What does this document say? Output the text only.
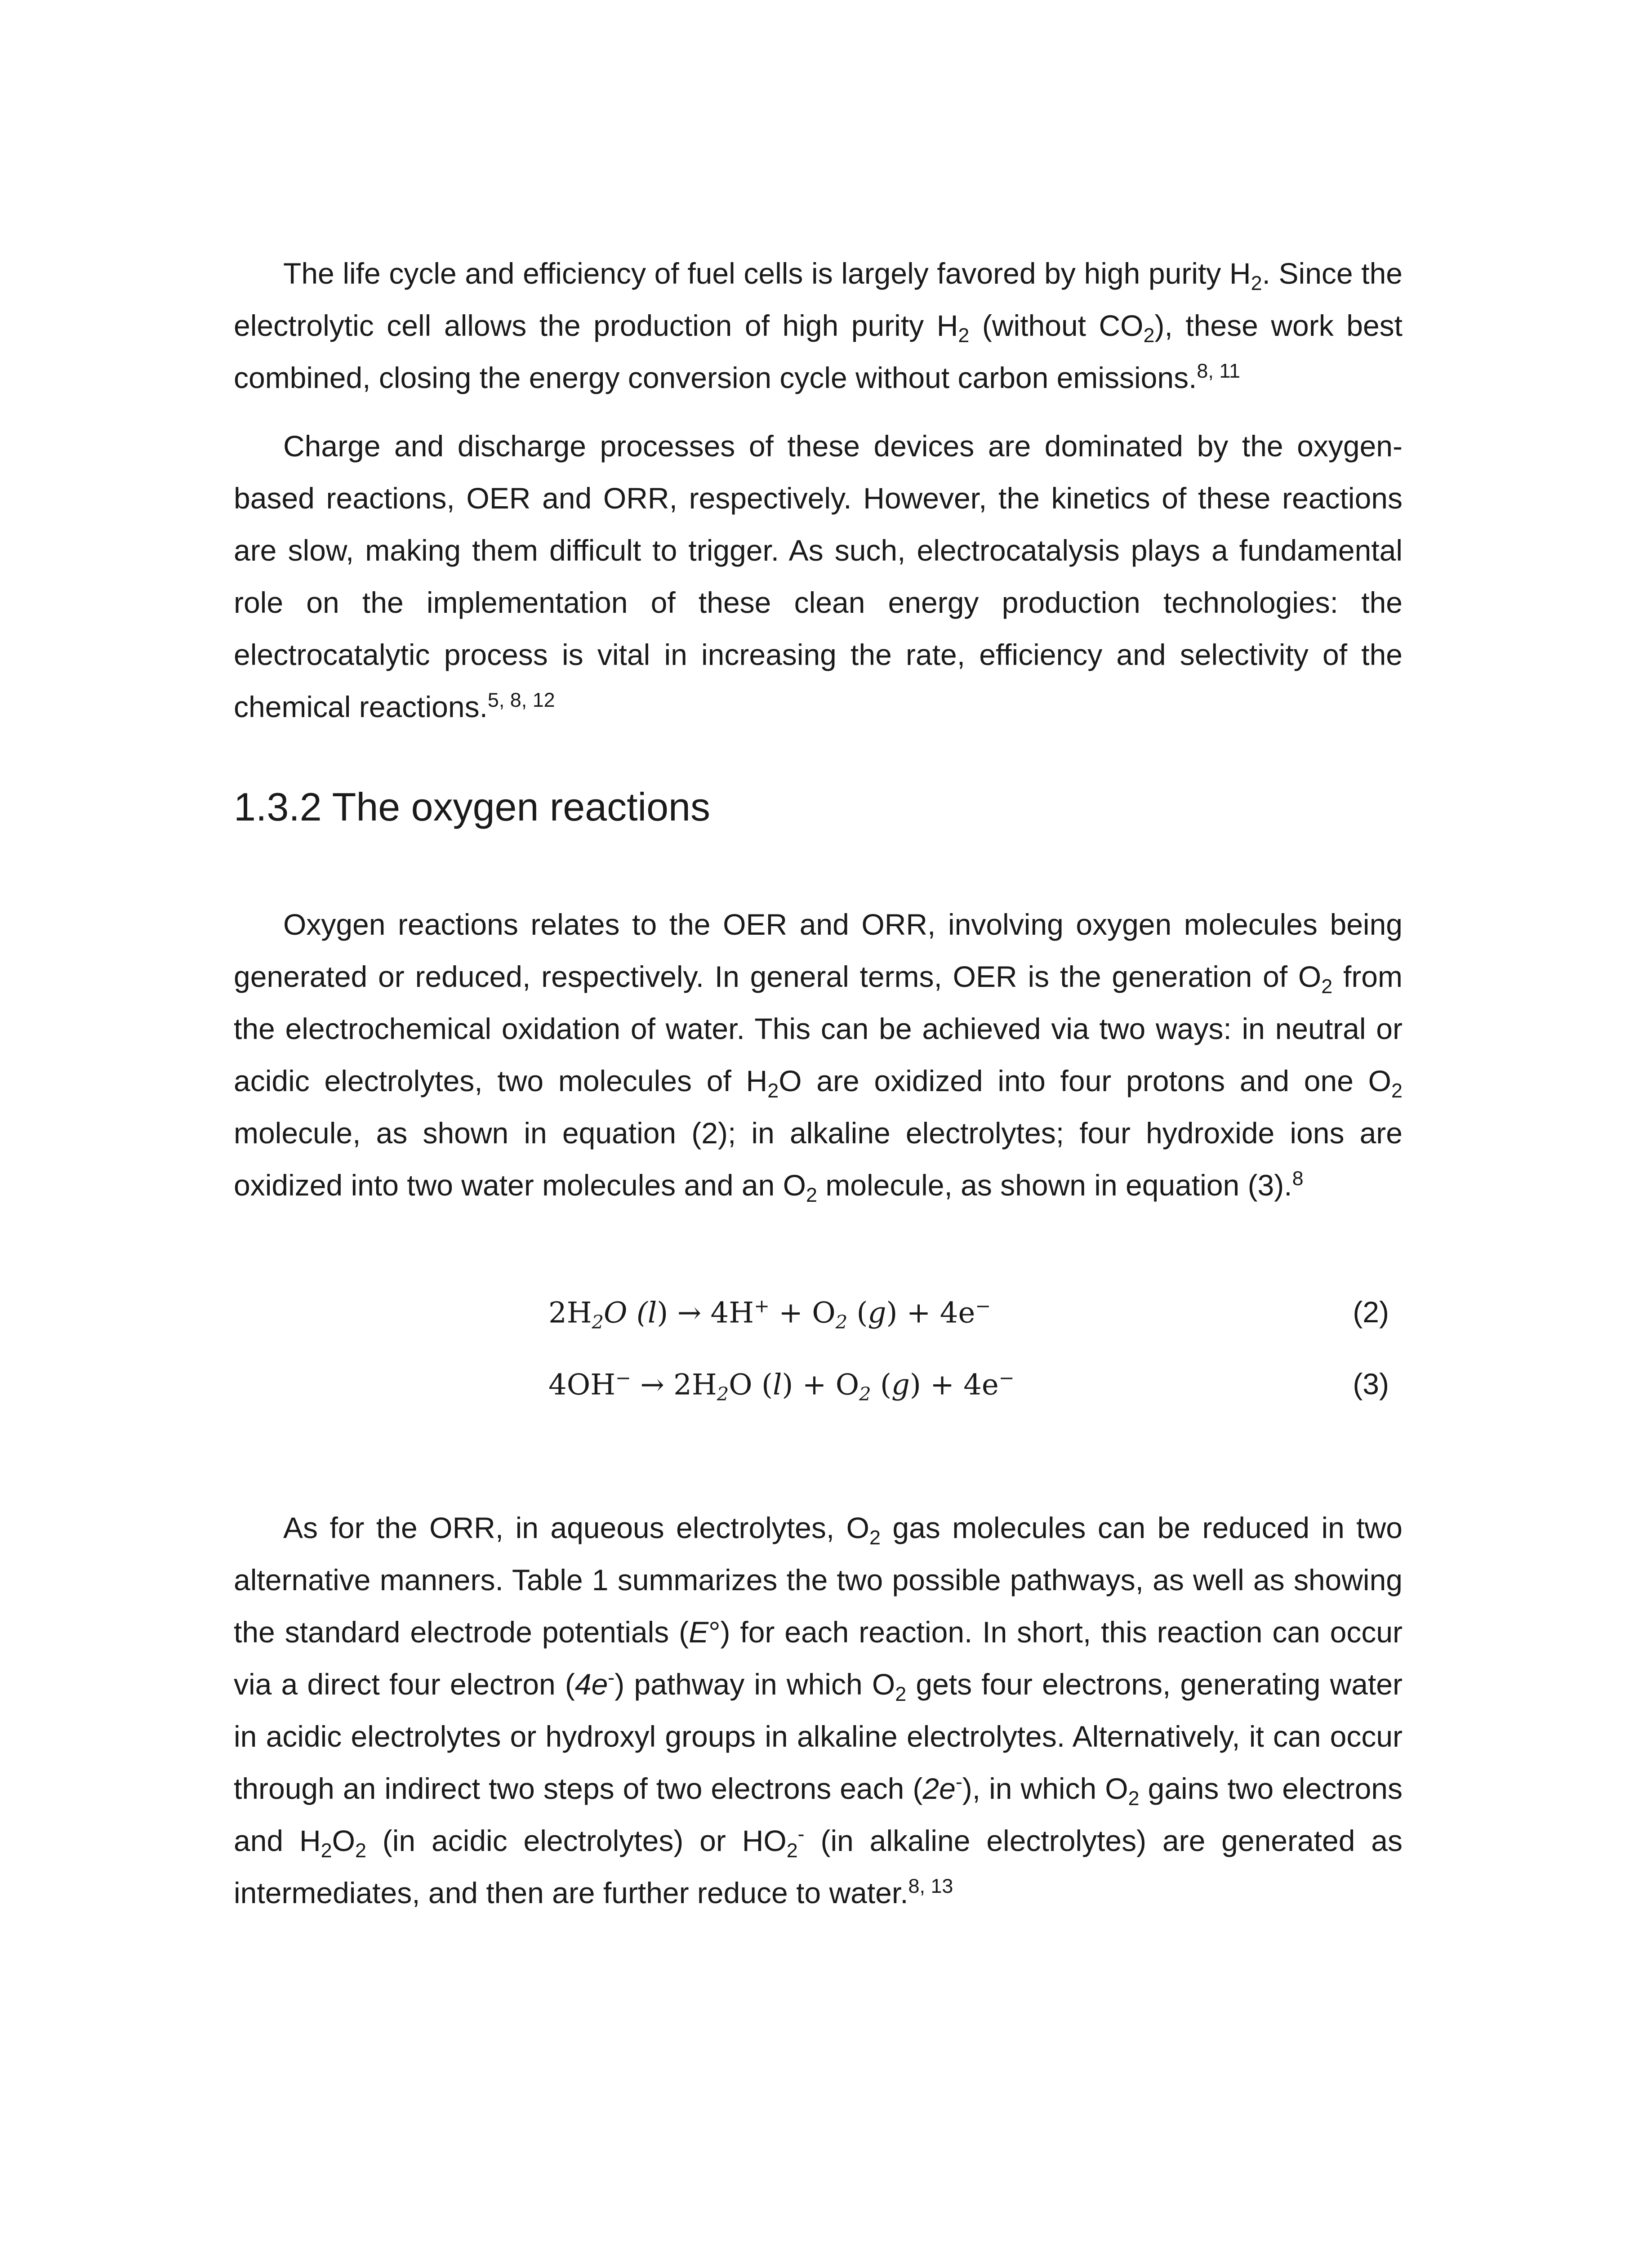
The life cycle and efficiency of fuel cells is largely favored by high purity $H_2$. Since the electrolytic cell allows the production of high purity $H_2$ (without $CO_2$), these work best combined, closing the energy conversion cycle without carbon emissions.$^{8, 11}$

Charge and discharge processes of these devices are dominated by the oxygen-based reactions, OER and ORR, respectively. However, the kinetics of these reactions are slow, making them difficult to trigger. As such, electrocatalysis plays a fundamental role on the implementation of these clean energy production technologies: the electrocatalytic process is vital in increasing the rate, efficiency and selectivity of the chemical reactions.$^{5, 8, 12}$

1.3.2 The oxygen reactions

Oxygen reactions relates to the OER and ORR, involving oxygen molecules being generated or reduced, respectively. In general terms, OER is the generation of $O_2$ from the electrochemical oxidation of water. This can be achieved via two ways: in neutral or acidic electrolytes, two molecules of $H_2O$ are oxidized into four protons and one $O_2$ molecule, as shown in equation (2); in alkaline electrolytes; four hydroxide ions are oxidized into two water molecules and an $O_2$ molecule, as shown in equation (3).$^8$

$2H_2O$ $(l) \to 4H^+ + O_2$ (g) + 4e−	(2)
$4OH^- \to 2H_2O$ $(l) + O_2$ (g) + 4e−	(3)

As for the ORR, in aqueous electrolytes, $O_2$ gas molecules can be reduced in two alternative manners. Table 1 summarizes the two possible pathways, as well as showing the standard electrode potentials (E°) for each reaction. In short, this reaction can occur via a direct four electron (4e-) pathway in which $O_2$ gets four electrons, generating water in acidic electrolytes or hydroxyl groups in alkaline electrolytes. Alternatively, it can occur through an indirect two steps of two electrons each (2e-), in which $O_2$ gains two electrons and $H_2O_2$ (in acidic electrolytes) or $HO_2^-$ (in alkaline electrolytes) are generated as intermediates, and then are further reduce to water.$^{8, 13}$
